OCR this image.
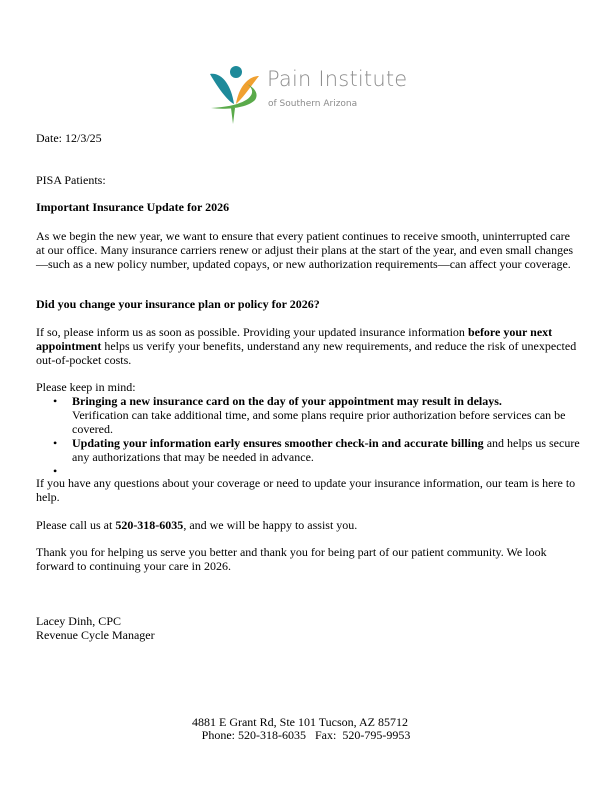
Pain Institute
of Southern Arizona
Date: 12/3/25
PISA Patients:
Important Insurance Update for 2026
As we begin the new year, we want to ensure that every patient continues to receive smooth, uninterrupted care at our office. Many insurance carriers renew or adjust their plans at the start of the year, and even small changes—such as a new policy number, updated copays, or new authorization requirements—can affect your coverage.
Did you change your insurance plan or policy for 2026?
If so, please inform us as soon as possible. Providing your updated insurance information before your next appointment helps us verify your benefits, understand any new requirements, and reduce the risk of unexpected out-of-pocket costs.
Please keep in mind:
• Bringing a new insurance card on the day of your appointment may result in delays.
Verification can take additional time, and some plans require prior authorization before services can be covered.
• Updating your information early ensures smoother check-in and accurate billing and helps us secure any authorizations that may be needed in advance.
•
If you have any questions about your coverage or need to update your insurance information, our team is here to help.
Please call us at 520-318-6035, and we will be happy to assist you.
Thank you for helping us serve you better and thank you for being part of our patient community. We look forward to continuing your care in 2026.
Lacey Dinh, CPC
Revenue Cycle Manager
4881 E Grant Rd, Ste 101 Tucson, AZ 85712
Phone: 520-318-6035   Fax:  520-795-9953
